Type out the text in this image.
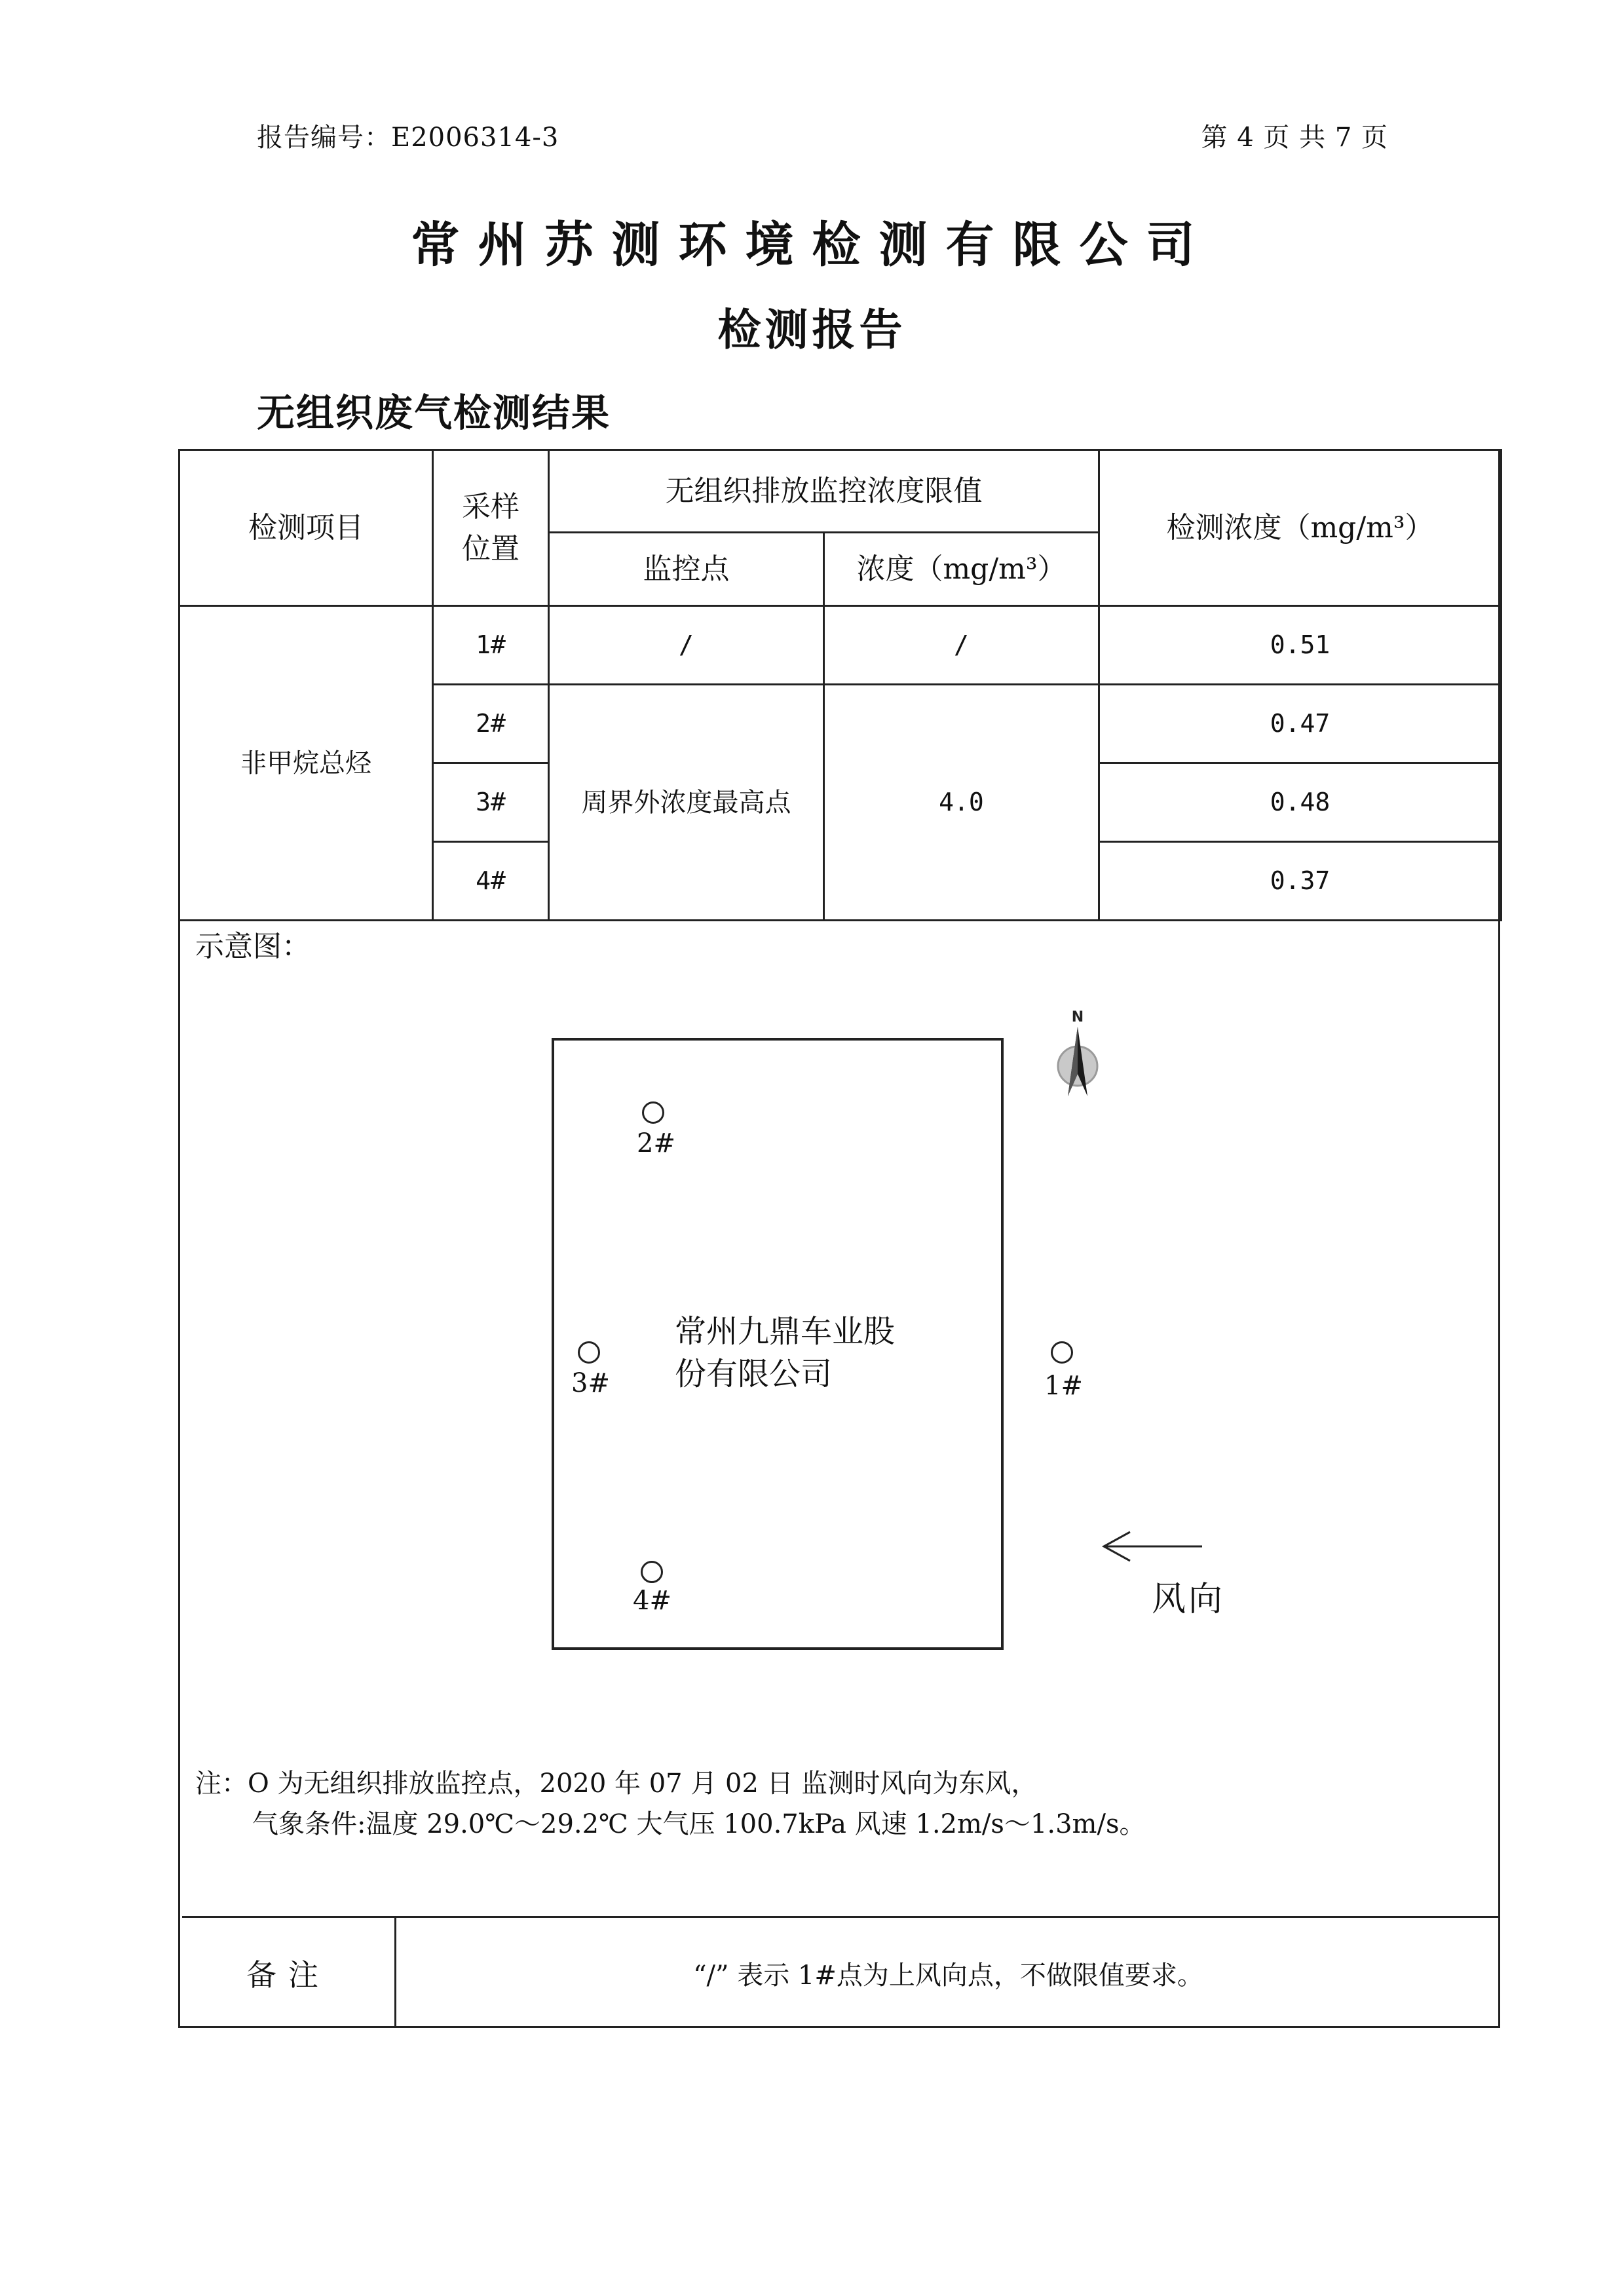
报告编号：E2006314-3	第 4 页 共 7 页
常州苏测环境检测有限公司
检测报告
无组织废气检测结果
检测项目	采样位置	无组织排放监控浓度限值		检测浓度（mg/m³）
		监控点	浓度（mg/m³）	
非甲烷总烃	1#	/	/	0.51
	2#	周界外浓度最高点	4.0	0.47
	3#			0.48
	4#			0.37
示意图：
常州九鼎车业股
份有限公司
2#
3#	1#
4#
N
风向
注：O 为无组织排放监控点，2020 年 07 月 02 日 监测时风向为东风，
气象条件:温度 29.0℃～29.2℃ 大气压 100.7kPa 风速 1.2m/s～1.3m/s。
备注	“/” 表示 1#点为上风向点，不做限值要求。
